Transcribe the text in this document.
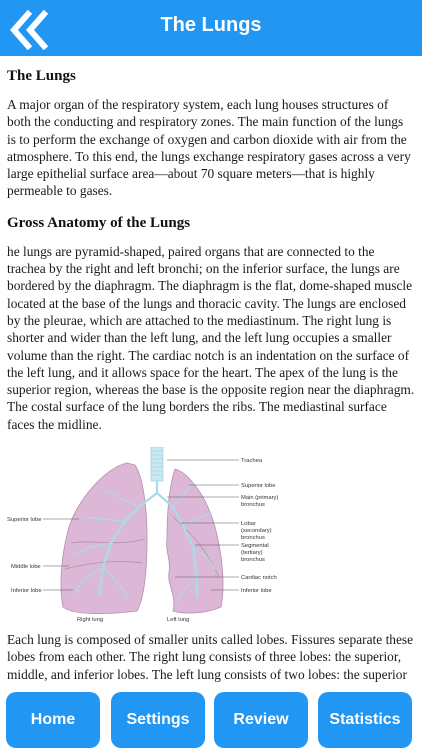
The Lungs
The Lungs
A major organ of the respiratory system, each lung houses structures of both the conducting and respiratory zones. The main function of the lungs is to perform the exchange of oxygen and carbon dioxide with air from the atmosphere. To this end, the lungs exchange respiratory gases across a very large epithelial surface area—about 70 square meters—that is highly permeable to gases.
Gross Anatomy of the Lungs
he lungs are pyramid-shaped, paired organs that are connected to the trachea by the right and left bronchi; on the inferior surface, the lungs are bordered by the diaphragm. The diaphragm is the flat, dome-shaped muscle located at the base of the lungs and thoracic cavity. The lungs are enclosed by the pleurae, which are attached to the mediastinum. The right lung is shorter and wider than the left lung, and the left lung occupies a smaller volume than the right. The cardiac notch is an indentation on the surface of the left lung, and it allows space for the heart. The apex of the lung is the superior region, whereas the base is the opposite region near the diaphragm. The costal surface of the lung borders the ribs. The mediastinal surface faces the midline.
Trachea
Superior lobe
Main (primary)
bronchus
Lobar
(secondary)
bronchus
Segmental
(tertiary)
bronchus
Cardiac notch
Inferior lobe
Superior lobe
Middle lobe
Inferior lobe
Right lung	Left lung
Each lung is composed of smaller units called lobes. Fissures separate these lobes from each other. The right lung consists of three lobes: the superior, middle, and inferior lobes. The left lung consists of two lobes: the superior
Home	Settings	Review	Statistics
